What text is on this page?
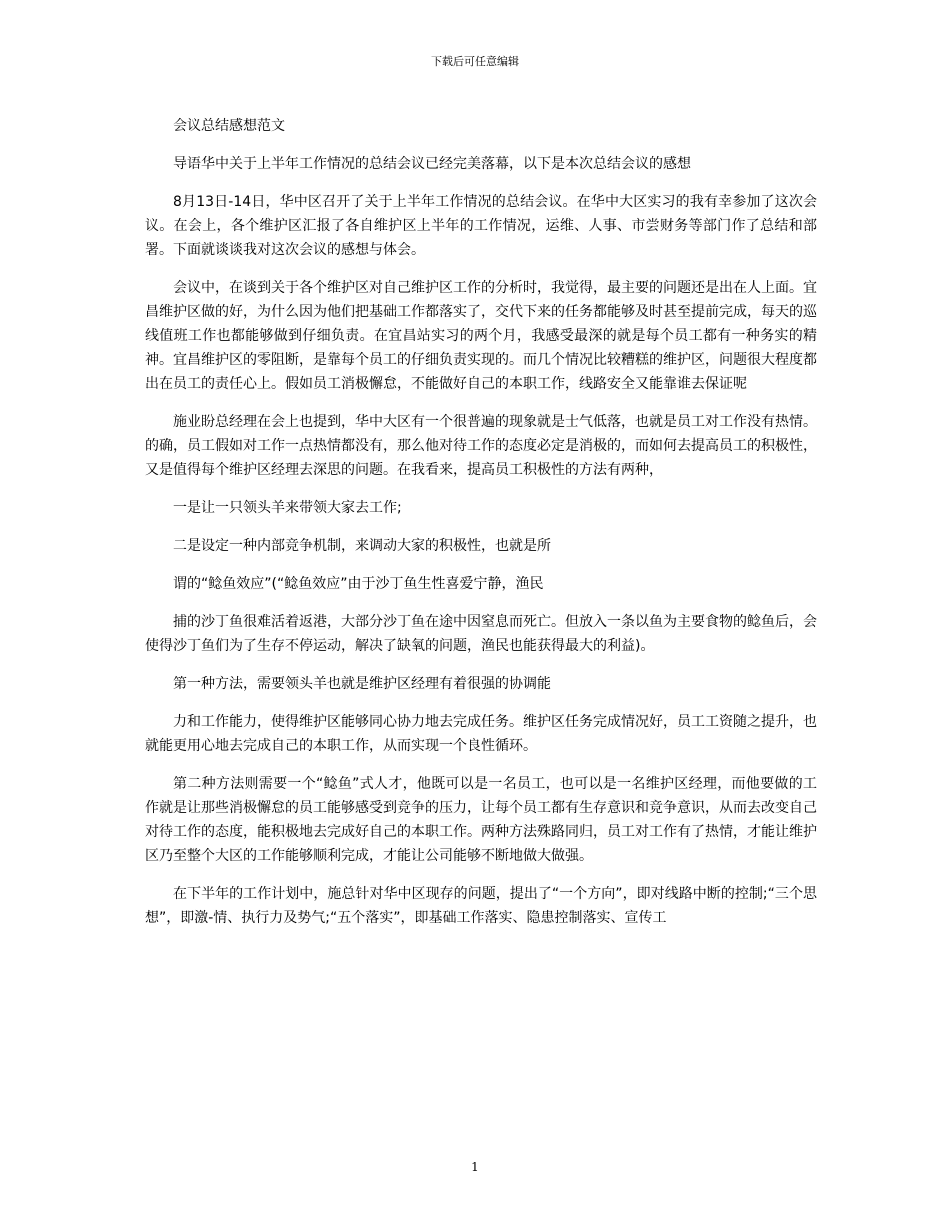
下载后可任意编辑

会议总结感想范文

导语华中关于上半年工作情况的总结会议已经完美落幕，以下是本次总结会议的感想

8月13日-14日，华中区召开了关于上半年工作情况的总结会议。在华中大区实习的我有幸参加了这次会议。在会上，各个维护区汇报了各自维护区上半年的工作情况，运维、人事、市尝财务等部门作了总结和部署。下面就谈谈我对这次会议的感想与体会。

会议中，在谈到关于各个维护区对自己维护区工作的分析时，我觉得，最主要的问题还是出在人上面。宜昌维护区做的好，为什么因为他们把基础工作都落实了，交代下来的任务都能够及时甚至提前完成，每天的巡线值班工作也都能够做到仔细负责。在宜昌站实习的两个月，我感受最深的就是每个员工都有一种务实的精神。宜昌维护区的零阻断，是靠每个员工的仔细负责实现的。而几个情况比较糟糕的维护区，问题很大程度都出在员工的责任心上。假如员工消极懈怠，不能做好自己的本职工作，线路安全又能靠谁去保证呢

施业盼总经理在会上也提到，华中大区有一个很普遍的现象就是士气低落，也就是员工对工作没有热情。的确，员工假如对工作一点热情都没有，那么他对待工作的态度必定是消极的，而如何去提高员工的积极性，又是值得每个维护区经理去深思的问题。在我看来，提高员工积极性的方法有两种，

一是让一只领头羊来带领大家去工作;

二是设定一种内部竞争机制，来调动大家的积极性，也就是所

谓的“鲶鱼效应”(“鲶鱼效应”由于沙丁鱼生性喜爱宁静，渔民

捕的沙丁鱼很难活着返港，大部分沙丁鱼在途中因窒息而死亡。但放入一条以鱼为主要食物的鲶鱼后，会使得沙丁鱼们为了生存不停运动，解决了缺氧的问题，渔民也能获得最大的利益)。

第一种方法，需要领头羊也就是维护区经理有着很强的协调能

力和工作能力，使得维护区能够同心协力地去完成任务。维护区任务完成情况好，员工工资随之提升，也就能更用心地去完成自己的本职工作，从而实现一个良性循环。

第二种方法则需要一个“鲶鱼”式人才，他既可以是一名员工，也可以是一名维护区经理，而他要做的工作就是让那些消极懈怠的员工能够感受到竞争的压力，让每个员工都有生存意识和竞争意识，从而去改变自己对待工作的态度，能积极地去完成好自己的本职工作。两种方法殊路同归，员工对工作有了热情，才能让维护区乃至整个大区的工作能够顺利完成，才能让公司能够不断地做大做强。

在下半年的工作计划中，施总针对华中区现存的问题，提出了“一个方向”，即对线路中断的控制;“三个思想”，即激-情、执行力及势气;“五个落实”，即基础工作落实、隐患控制落实、宣传工

1
